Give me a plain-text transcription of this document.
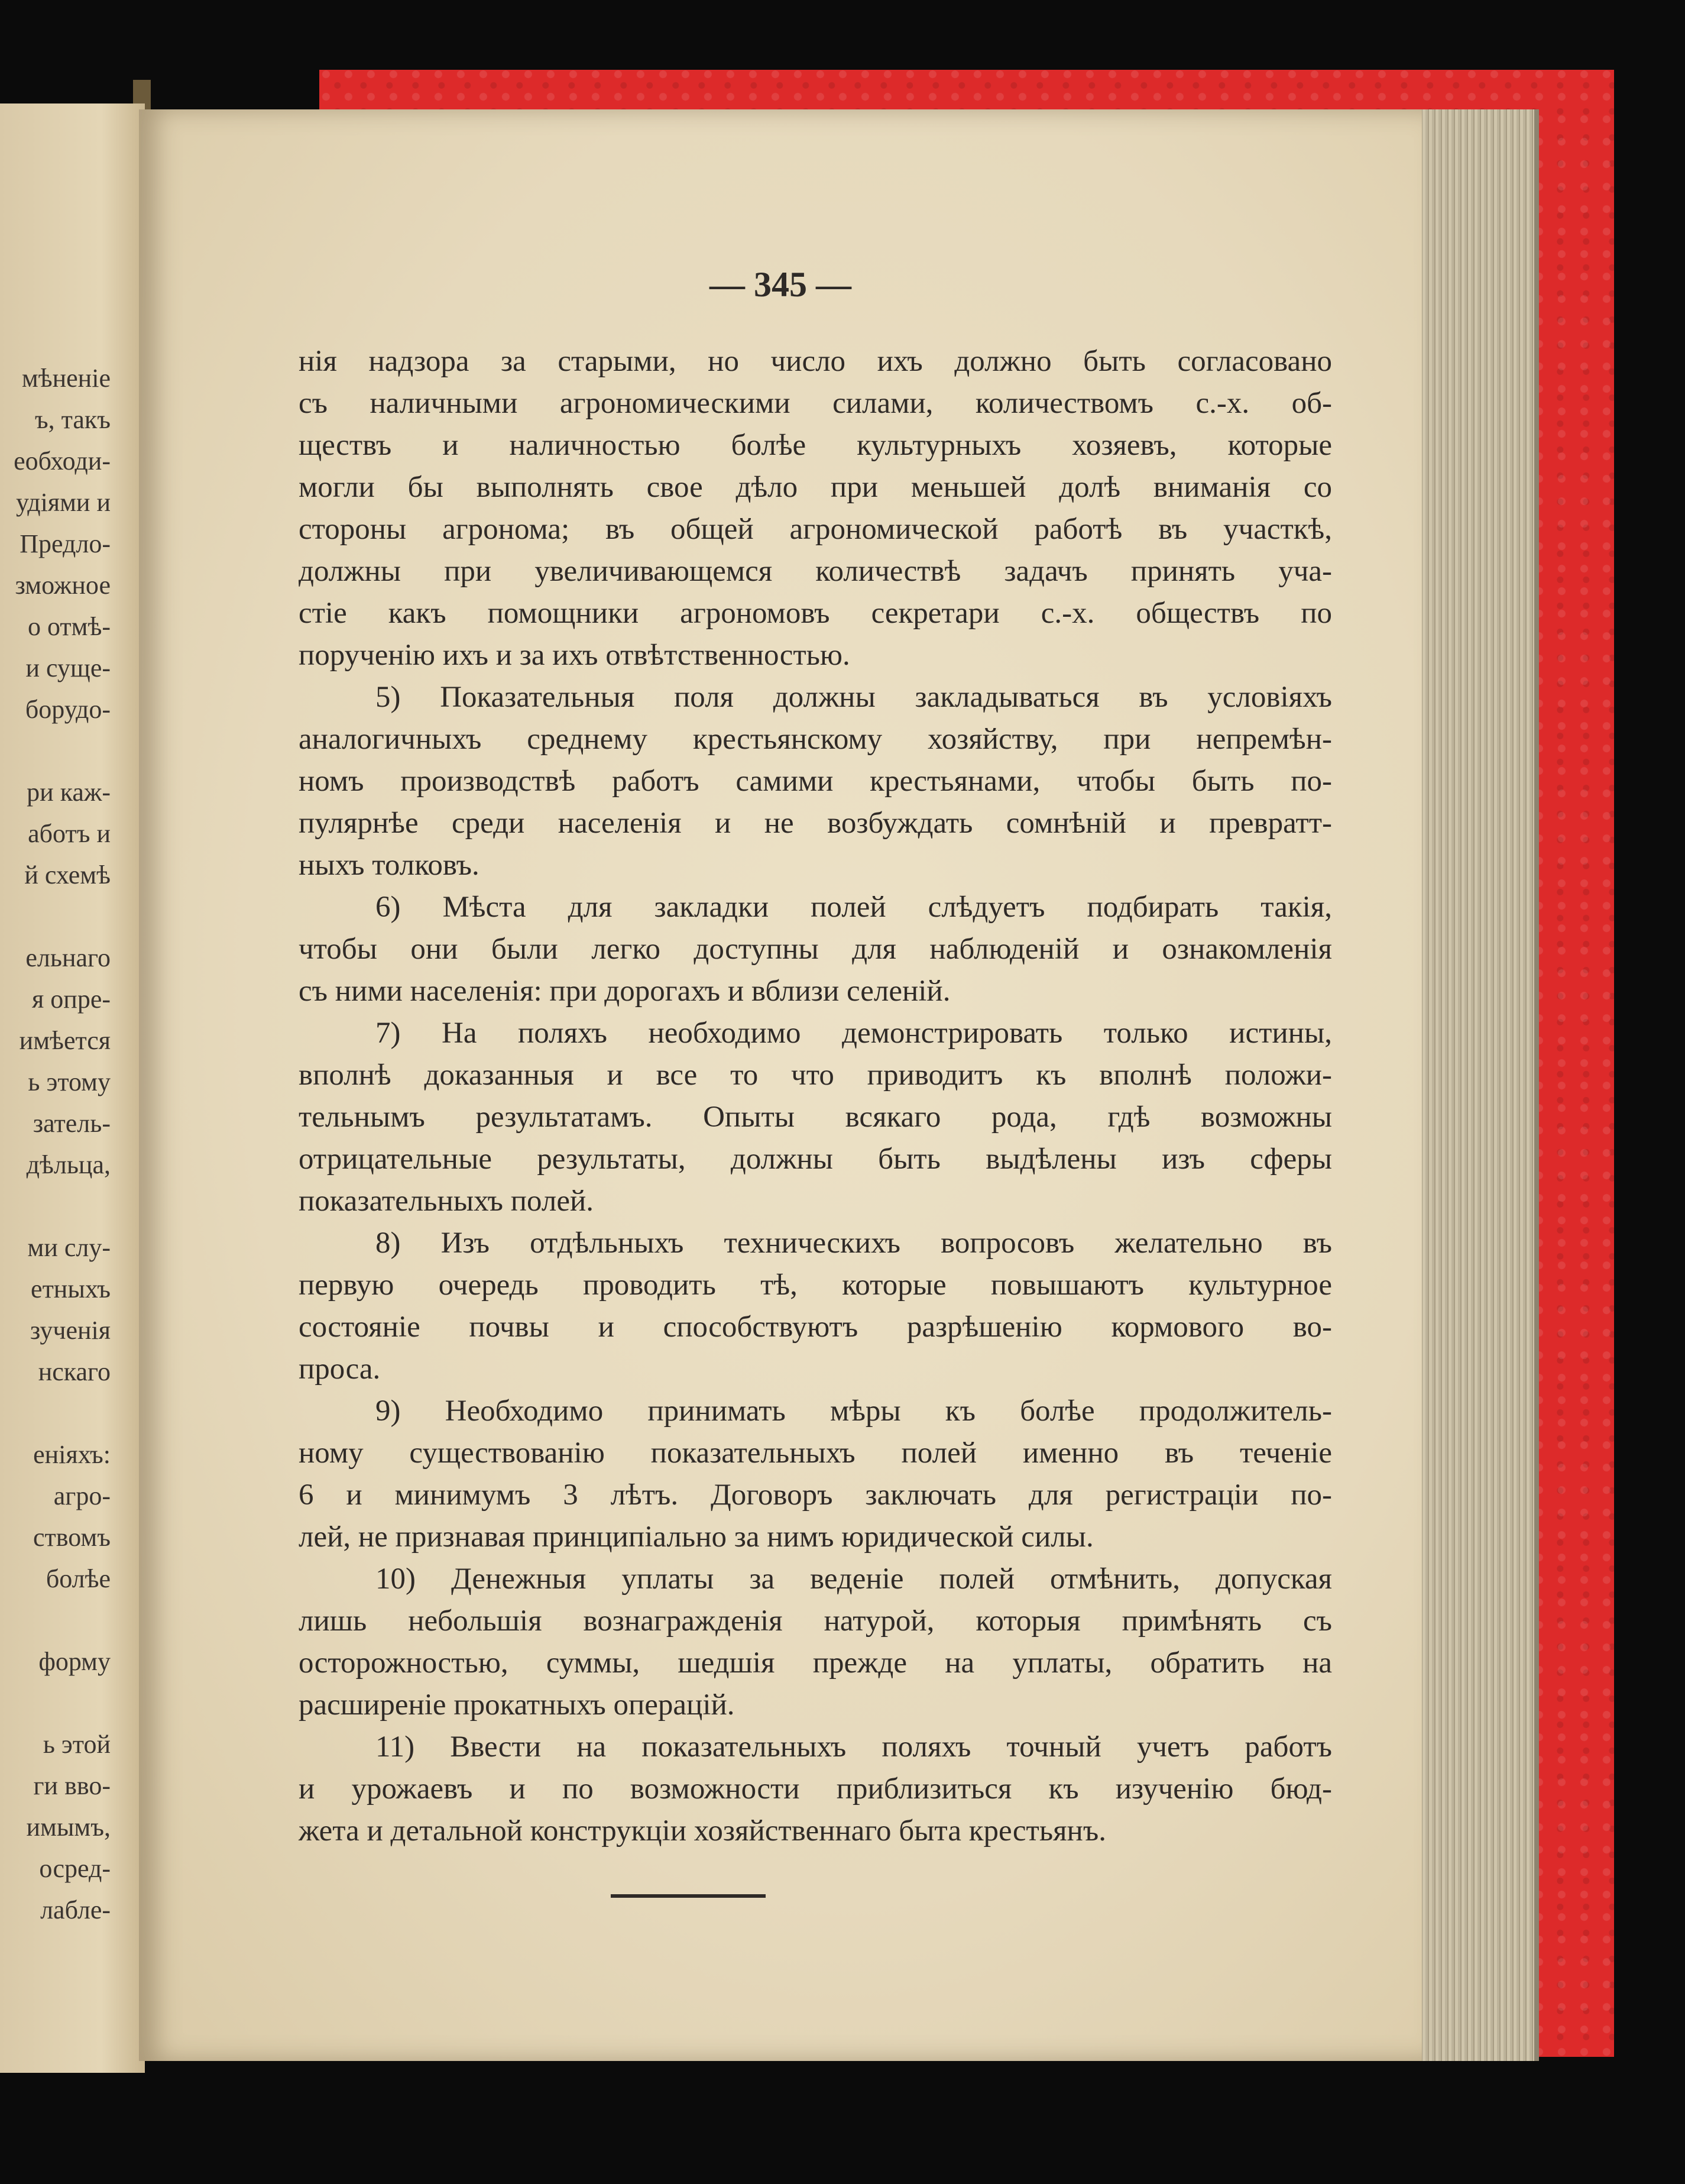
мѣненіе
ъ, такъ
еобходи-
удіями и
Предло-
зможное
о отмѣ-
и суще-
борудо-
ри каж-
аботъ и
й схемѣ
ельнаго
я опре-
имѣется
ь этому
затель-
дѣльца,
ми слу-
етныхъ
зученія
нскаго
еніяхъ:
агро-
ствомъ
болѣе
форму
ь этой
ги вво-
имымъ,
осред-
лабле-
— 345 —
нія надзора за старыми, но число ихъ должно быть согласовано
съ наличными агрономическими силами, количествомъ с.-х. об-
ществъ и наличностью болѣе культурныхъ хозяевъ, которые
могли бы выполнять свое дѣло при меньшей долѣ вниманія со
стороны агронома; въ общей агрономической работѣ въ участкѣ,
должны при увеличивающемся количествѣ задачъ принять уча-
стіе какъ помощники агрономовъ секретари с.-х. обществъ по
порученію ихъ и за ихъ отвѣтственностью.
5) Показательныя поля должны закладываться въ условіяхъ
аналогичныхъ среднему крестьянскому хозяйству, при непремѣн-
номъ производствѣ работъ самими крестьянами, чтобы быть по-
пулярнѣе среди населенія и не возбуждать сомнѣній и превратт-
ныхъ толковъ.
6) Мѣста для закладки полей слѣдуетъ подбирать такія,
чтобы они были легко доступны для наблюденій и ознакомленія
съ ними населенія: при дорогахъ и вблизи селеній.
7) На поляхъ необходимо демонстрировать только истины,
вполнѣ доказанныя и все то что приводитъ къ вполнѣ положи-
тельнымъ результатамъ. Опыты всякаго рода, гдѣ возможны
отрицательные результаты, должны быть выдѣлены изъ сферы
показательныхъ полей.
8) Изъ отдѣльныхъ техническихъ вопросовъ желательно въ
первую очередь проводить тѣ, которые повышаютъ культурное
состояніе почвы и способствуютъ разрѣшенію кормового во-
проса.
9) Необходимо принимать мѣры къ болѣе продолжитель-
ному существованію показательныхъ полей именно въ теченіе
6 и минимумъ 3 лѣтъ. Договоръ заключать для регистраціи по-
лей, не признавая принципіально за нимъ юридической силы.
10) Денежныя уплаты за веденіе полей отмѣнить, допуская
лишь небольшія вознагражденія натурой, которыя примѣнять съ
осторожностью, суммы, шедшія прежде на уплаты, обратить на
расширеніе прокатныхъ операцій.
11) Ввести на показательныхъ поляхъ точный учетъ работъ
и урожаевъ и по возможности приблизиться къ изученію бюд-
жета и детальной конструкціи хозяйственнаго быта крестьянъ.
